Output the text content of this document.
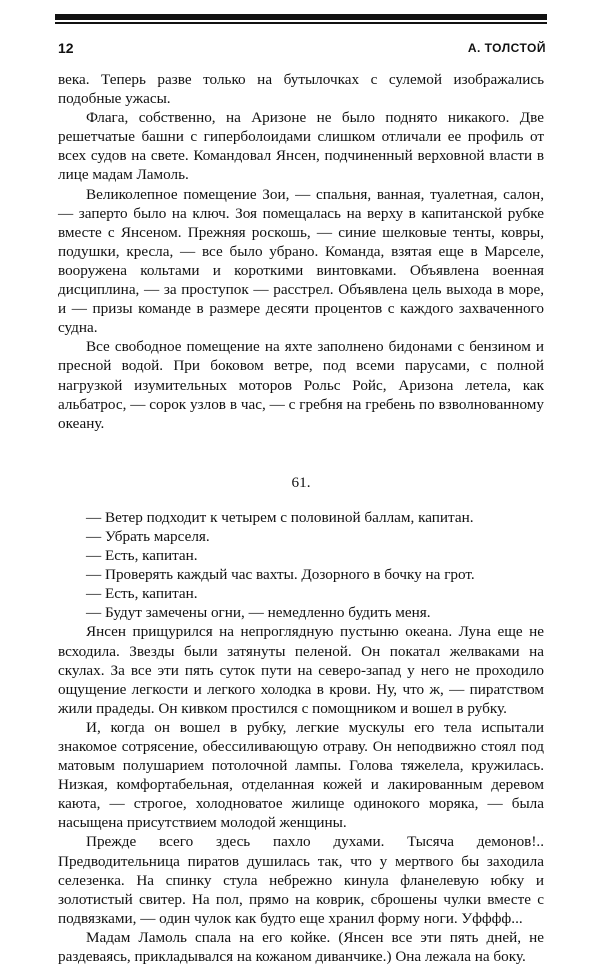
12	А. ТОЛСТОЙ

века. Теперь разве только на бутылочках с сулемой изображались подобные ужасы.

Флага, собственно, на Аризоне не было поднято никакого. Две решетчатые башни с гиперболоидами слишком отличали ее профиль от всех судов на свете. Командовал Янсен, подчиненный верховной власти в лице мадам Ламоль.

Великолепное помещение Зои, — спальня, ванная, туалетная, салон, — заперто было на ключ. Зоя помещалась на верху в капитанской рубке вместе с Янсеном. Прежняя роскошь, — синие шелковые тенты, ковры, подушки, кресла, — все было убрано. Команда, взятая еще в Марселе, вооружена кольтами и короткими винтовками. Объявлена военная дисциплина, — за проступок — расстрел. Объявлена цель выхода в море, и — призы команде в размере десяти процентов с каждого захваченного судна.

Все свободное помещение на яхте заполнено бидонами с бензином и пресной водой. При боковом ветре, под всеми парусами, с полной нагрузкой изумительных моторов Рольс Ройс, Аризона летела, как альбатрос, — сорок узлов в час, — с гребня на гребень по взволнованному океану.

61.

— Ветер подходит к четырем с половиной баллам, капитан.

— Убрать марселя.

— Есть, капитан.

— Проверять каждый час вахты. Дозорного в бочку на грот.

— Есть, капитан.

— Будут замечены огни, — немедленно будить меня.

Янсен прищурился на непроглядную пустыню океана. Луна еще не всходила. Звезды были затянуты пеленой. Он покатал желваками на скулах. За все эти пять суток пути на северо-запад у него не проходило ощущение легкости и легкого холодка в крови. Ну, что ж, — пиратством жили прадеды. Он кивком простился с помощником и вошел в рубку.

И, когда он вошел в рубку, легкие мускулы его тела испытали знакомое сотрясение, обессиливающую отраву. Он неподвижно стоял под матовым полушарием потолочной лампы. Голова тяжелела, кружилась. Низкая, комфортабельная, отделанная кожей и лакированным деревом каюта, — строгое, холодноватое жилище одинокого моряка, — была насыщена присутствием молодой женщины.

Прежде всего здесь пахло духами. Тысяча демонов!.. Предводительница пиратов душилась так, что у мертвого бы заходила селезенка. На спинку стула небрежно кинула фланелевую юбку и золотистый свитер. На пол, прямо на коврик, сброшены чулки вместе с подвязками, — один чулок как будто еще хранил форму ноги. Уфффф...

Мадам Ламоль спала на его койке. (Янсен все эти пять дней, не раздеваясь, прикладывался на кожаном диванчике.) Она лежала на боку.
